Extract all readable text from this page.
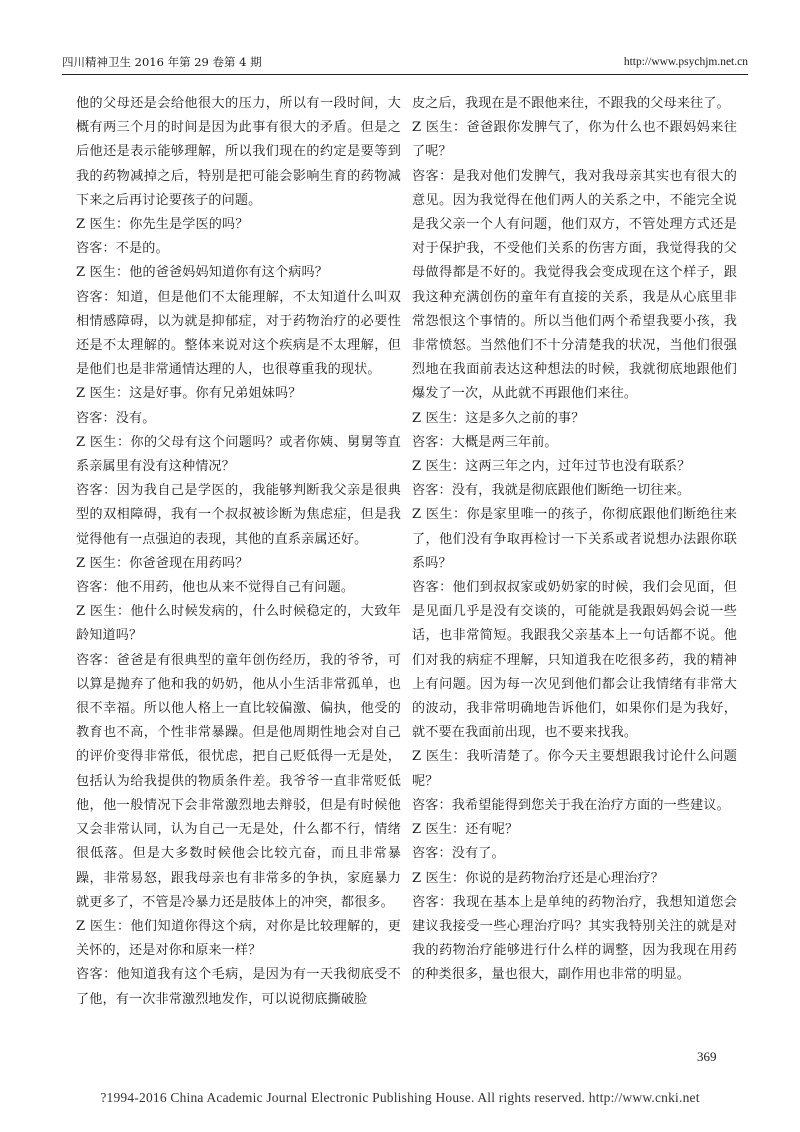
四川精神卫生 2016 年第 29 卷第 4 期	http://www.psychjm.net.cn

他的父母还是会给他很大的压力，所以有一段时间，大概有两三个月的时间是因为此事有很大的矛盾。但是之后他还是表示能够理解，所以我们现在的约定是要等到我的药物减掉之后，特别是把可能会影响生育的药物减下来之后再讨论要孩子的问题。

Z 医生：你先生是学医的吗？

咨客：不是的。

Z 医生：他的爸爸妈妈知道你有这个病吗？

咨客：知道，但是他们不太能理解，不太知道什么叫双相情感障碍，以为就是抑郁症，对于药物治疗的必要性还是不太理解的。整体来说对这个疾病是不太理解，但是他们也是非常通情达理的人，也很尊重我的现状。

Z 医生：这是好事。你有兄弟姐妹吗？

咨客：没有。

Z 医生：你的父母有这个问题吗？或者你姨、舅舅等直系亲属里有没有这种情况？

咨客：因为我自己是学医的，我能够判断我父亲是很典型的双相障碍，我有一个叔叔被诊断为焦虑症，但是我觉得他有一点强迫的表现，其他的直系亲属还好。

Z 医生：你爸爸现在用药吗？

咨客：他不用药，他也从来不觉得自己有问题。

Z 医生：他什么时候发病的，什么时候稳定的，大致年龄知道吗？

咨客：爸爸是有很典型的童年创伤经历，我的爷爷，可以算是抛弃了他和我的奶奶，他从小生活非常孤单，也很不幸福。所以他人格上一直比较偏激、偏执，他受的教育也不高，个性非常暴躁。但是他周期性地会对自己的评价变得非常低，很忧虑，把自己贬低得一无是处，包括认为给我提供的物质条件差。我爷爷一直非常贬低他，他一般情况下会非常激烈地去辩驳，但是有时候他又会非常认同，认为自己一无是处，什么都不行，情绪很低落。但是大多数时候他会比较亢奋，而且非常暴躁，非常易怒，跟我母亲也有非常多的争执，家庭暴力就更多了，不管是冷暴力还是肢体上的冲突，都很多。

Z 医生：他们知道你得这个病，对你是比较理解的，更关怀的，还是对你和原来一样？

咨客：他知道我有这个毛病，是因为有一天我彻底受不了他，有一次非常激烈地发作，可以说彻底撕破脸

皮之后，我现在是不跟他来往，不跟我的父母来往了。

Z 医生：爸爸跟你发脾气了，你为什么也不跟妈妈来往了呢？

咨客：是我对他们发脾气，我对我母亲其实也有很大的意见。因为我觉得在他们两人的关系之中，不能完全说是我父亲一个人有问题，他们双方，不管处理方式还是对于保护我，不受他们关系的伤害方面，我觉得我的父母做得都是不好的。我觉得我会变成现在这个样子，跟我这种充满创伤的童年有直接的关系，我是从心底里非常怨恨这个事情的。所以当他们两个希望我要小孩，我非常愤怒。当然他们不十分清楚我的状况，当他们很强烈地在我面前表达这种想法的时候，我就彻底地跟他们爆发了一次，从此就不再跟他们来往。

Z 医生：这是多久之前的事？

咨客：大概是两三年前。

Z 医生：这两三年之内，过年过节也没有联系？

咨客：没有，我就是彻底跟他们断绝一切往来。

Z 医生：你是家里唯一的孩子，你彻底跟他们断绝往来了，他们没有争取再检讨一下关系或者说想办法跟你联系吗？

咨客：他们到叔叔家或奶奶家的时候，我们会见面，但是见面几乎是没有交谈的，可能就是我跟妈妈会说一些话，也非常简短。我跟我父亲基本上一句话都不说。他们对我的病症不理解，只知道我在吃很多药，我的精神上有问题。因为每一次见到他们都会让我情绪有非常大的波动，我非常明确地告诉他们，如果你们是为我好，就不要在我面前出现，也不要来找我。

Z 医生：我听清楚了。你今天主要想跟我讨论什么问题呢？

咨客：我希望能得到您关于我在治疗方面的一些建议。

Z 医生：还有呢？

咨客：没有了。

Z 医生：你说的是药物治疗还是心理治疗？

咨客：我现在基本上是单纯的药物治疗，我想知道您会建议我接受一些心理治疗吗？其实我特别关注的就是对我的药物治疗能够进行什么样的调整，因为我现在用药的种类很多，量也很大，副作用也非常的明显。

369
?1994-2016 China Academic Journal Electronic Publishing House. All rights reserved. http://www.cnki.net
